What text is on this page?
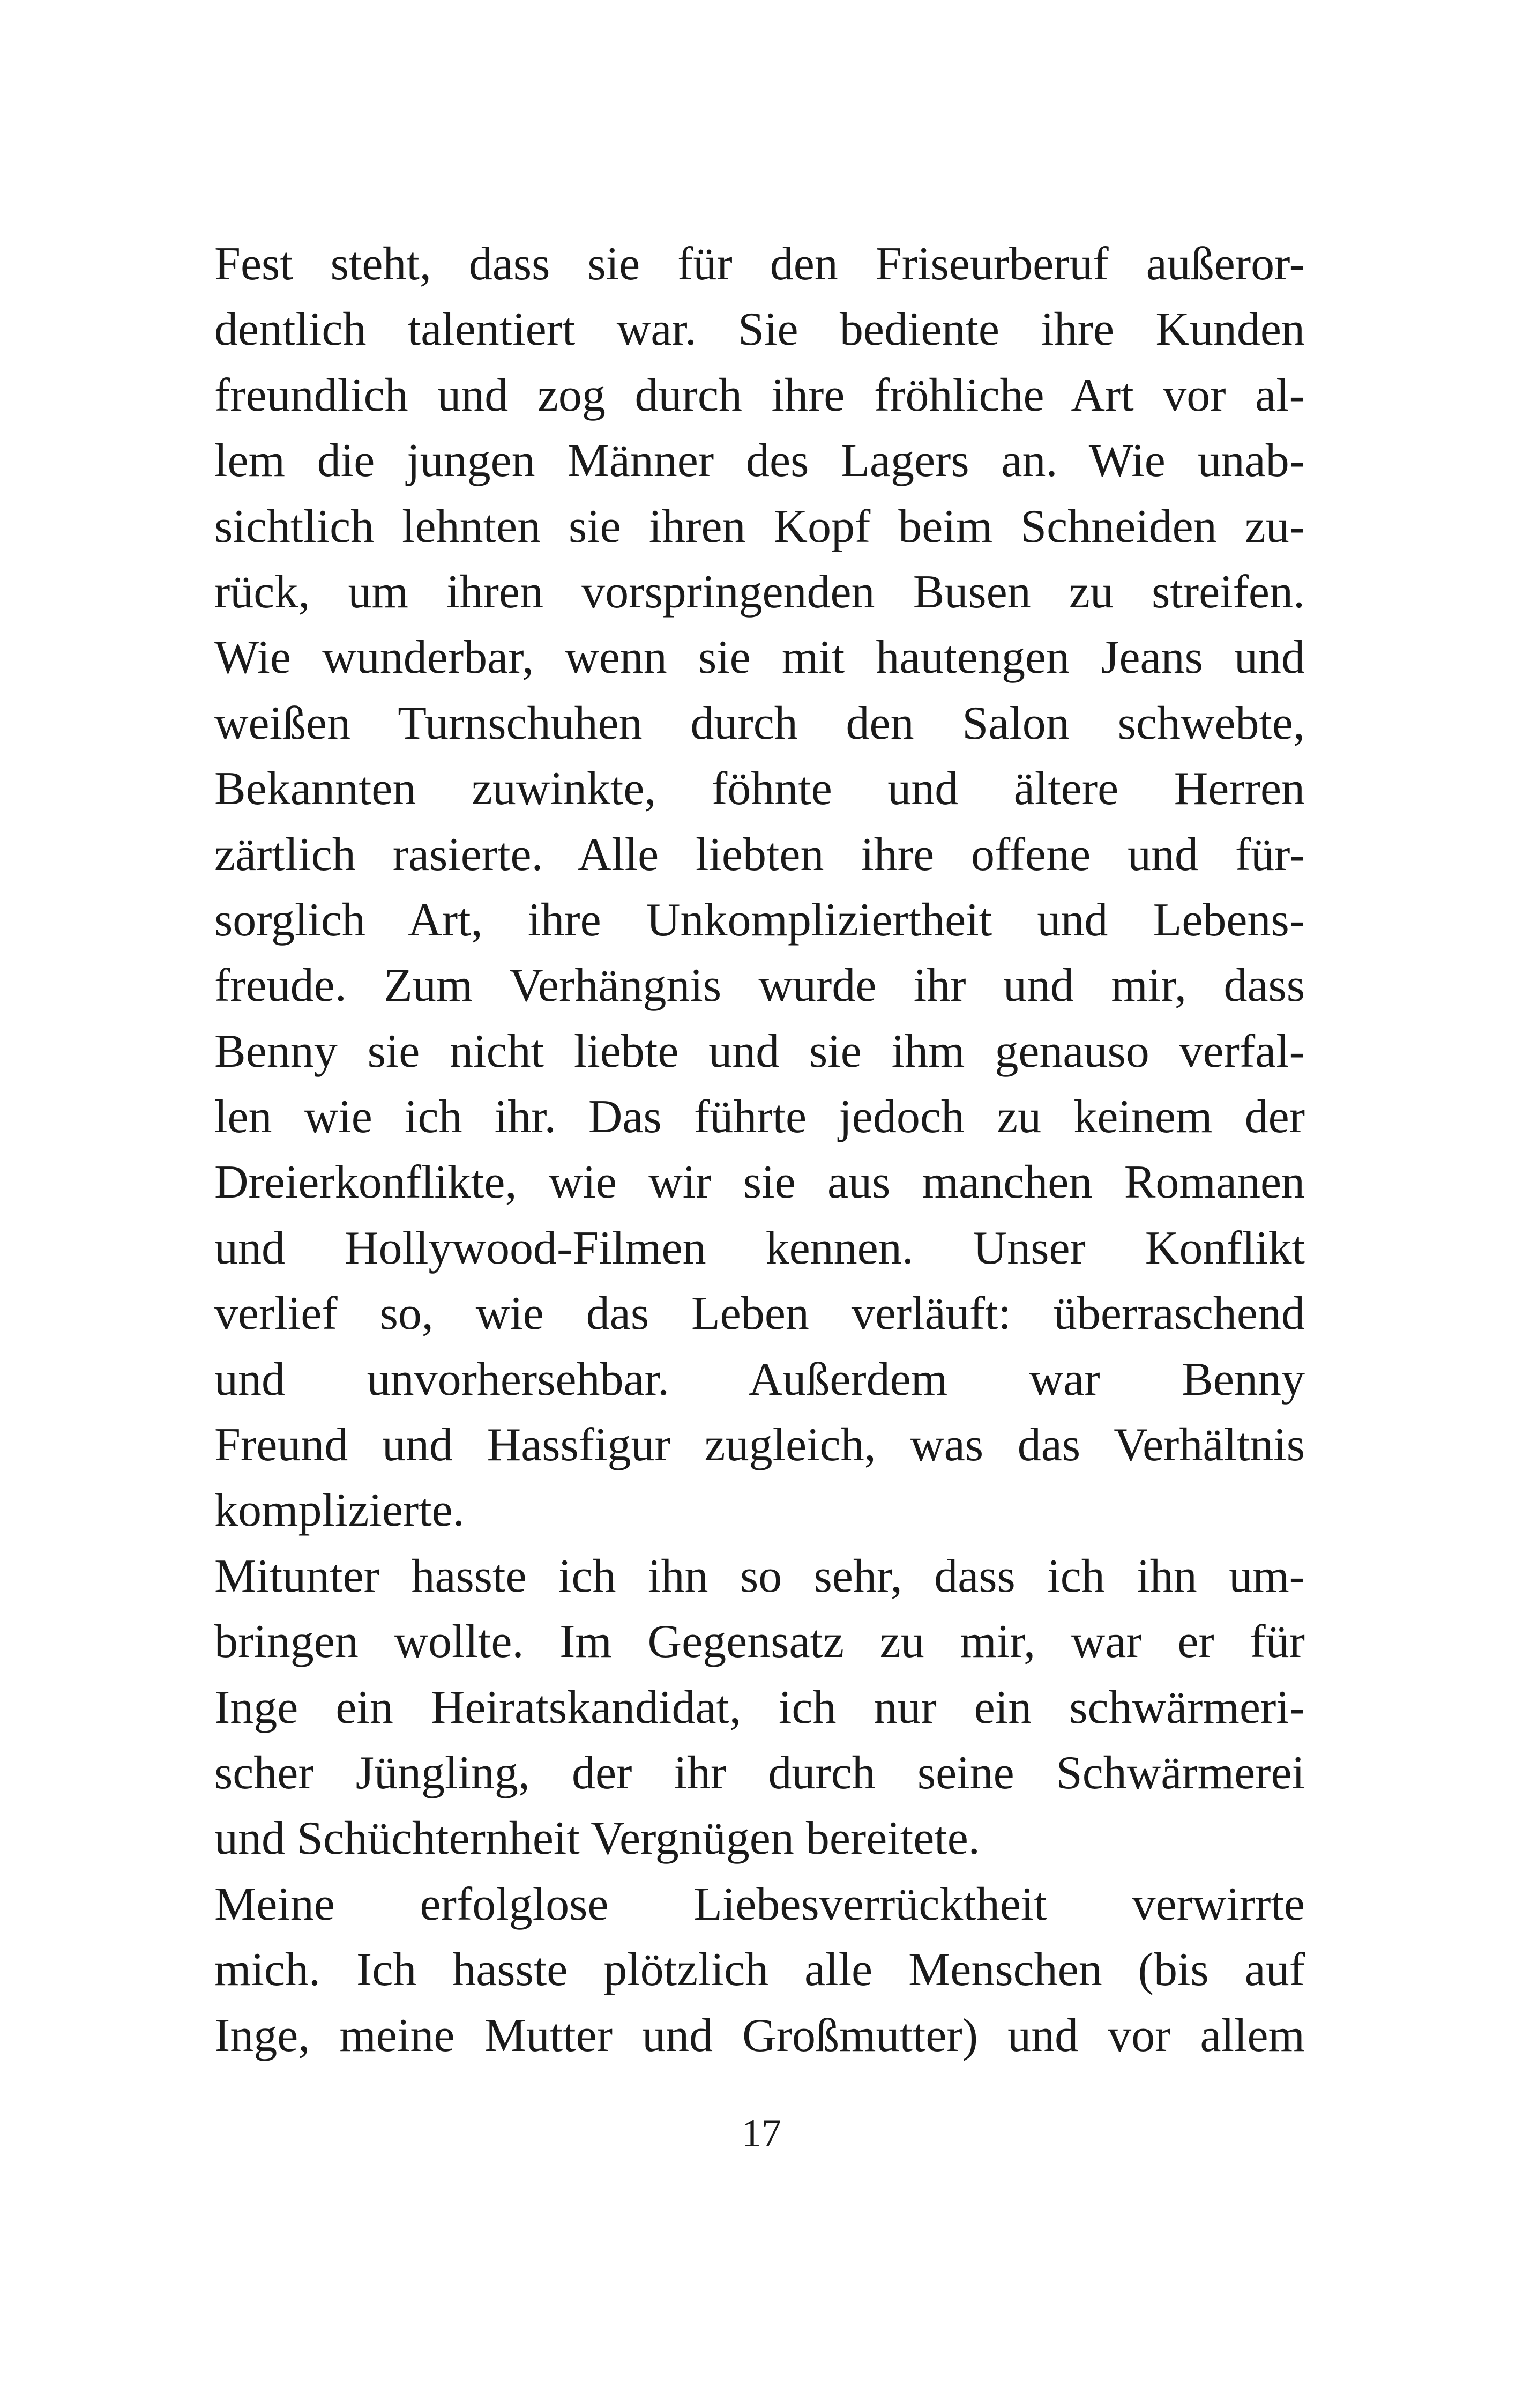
Fest steht, dass sie für den Friseurberuf außeror-
dentlich talentiert war. Sie bediente ihre Kunden
freundlich und zog durch ihre fröhliche Art vor al-
lem die jungen Männer des Lagers an. Wie unab-
sichtlich lehnten sie ihren Kopf beim Schneiden zu-
rück, um ihren vorspringenden Busen zu streifen.
Wie wunderbar, wenn sie mit hautengen Jeans und
weißen Turnschuhen durch den Salon schwebte,
Bekannten zuwinkte, föhnte und ältere Herren
zärtlich rasierte. Alle liebten ihre offene und für-
sorglich Art, ihre Unkompliziertheit und Lebens-
freude. Zum Verhängnis wurde ihr und mir, dass
Benny sie nicht liebte und sie ihm genauso verfal-
len wie ich ihr. Das führte jedoch zu keinem der
Dreierkonflikte, wie wir sie aus manchen Romanen
und Hollywood-Filmen kennen. Unser Konflikt
verlief so, wie das Leben verläuft: überraschend
und unvorhersehbar. Außerdem war Benny
Freund und Hassfigur zugleich, was das Verhältnis
komplizierte.
Mitunter hasste ich ihn so sehr, dass ich ihn um-
bringen wollte. Im Gegensatz zu mir, war er für
Inge ein Heiratskandidat, ich nur ein schwärmeri-
scher Jüngling, der ihr durch seine Schwärmerei
und Schüchternheit Vergnügen bereitete.
Meine erfolglose Liebesverrücktheit verwirrte
mich. Ich hasste plötzlich alle Menschen (bis auf
Inge, meine Mutter und Großmutter) und vor allem
17
